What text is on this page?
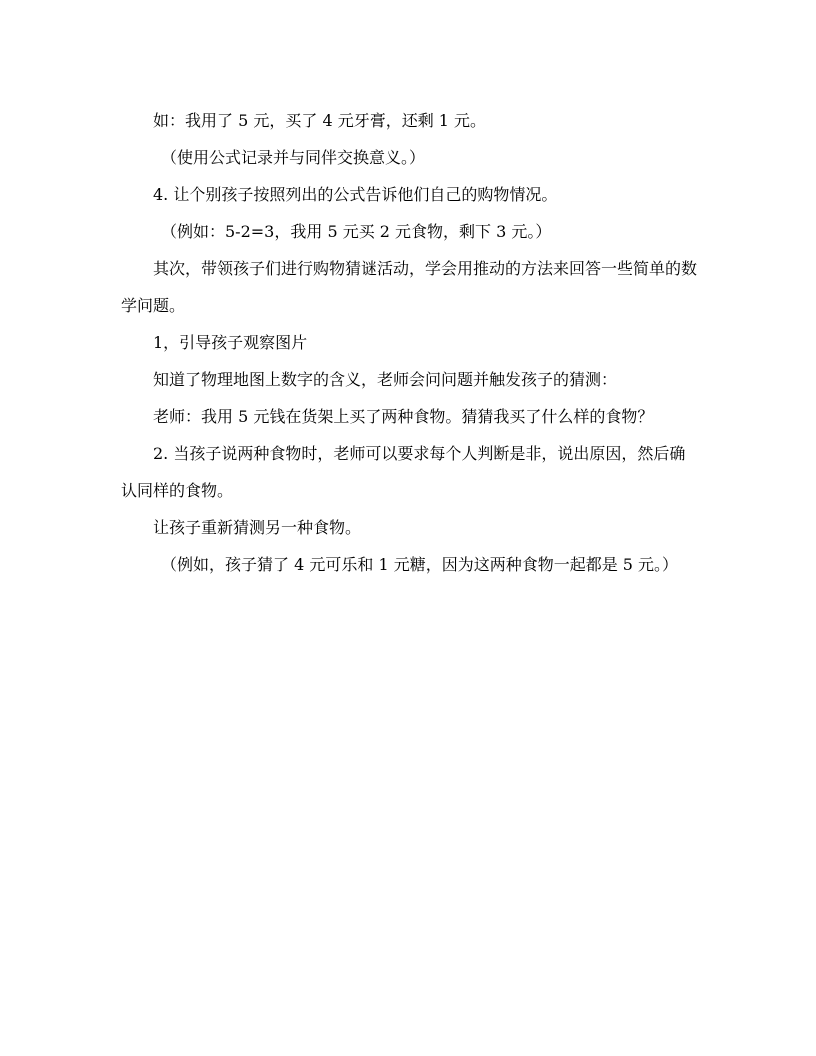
如：我用了 5 元，买了 4 元牙膏，还剩 1 元。

（使用公式记录并与同伴交换意义。）

4. 让个别孩子按照列出的公式告诉他们自己的购物情况。

（例如：5-2=3，我用 5 元买 2 元食物，剩下 3 元。）

其次，带领孩子们进行购物猜谜活动，学会用推动的方法来回答一些简单的数学问题。

1，引导孩子观察图片

知道了物理地图上数字的含义，老师会问问题并触发孩子的猜测：

老师：我用 5 元钱在货架上买了两种食物。猜猜我买了什么样的食物？

2. 当孩子说两种食物时，老师可以要求每个人判断是非，说出原因，然后确认同样的食物。

让孩子重新猜测另一种食物。

（例如，孩子猜了 4 元可乐和 1 元糖，因为这两种食物一起都是 5 元。）
